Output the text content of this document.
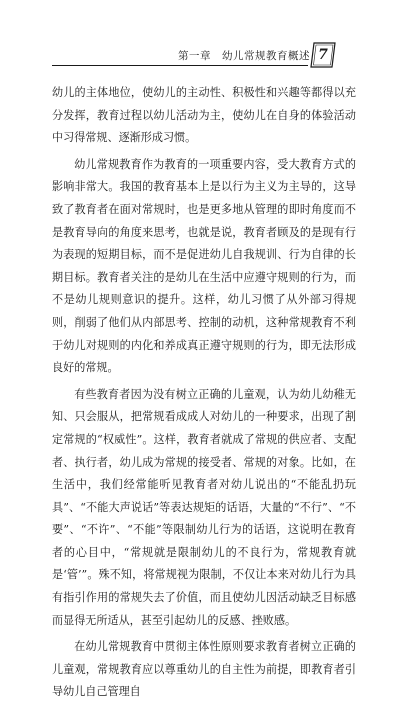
第一章　幼儿常规教育概述 7

幼儿的主体地位，使幼儿的主动性、积极性和兴趣等都得以充分发挥，教育过程以幼儿活动为主，使幼儿在自身的体验活动中习得常规、逐渐形成习惯。

幼儿常规教育作为教育的一项重要内容，受大教育方式的影响非常大。我国的教育基本上是以行为主义为主导的，这导致了教育者在面对常规时，也是更多地从管理的即时角度而不是教育导向的角度来思考，也就是说，教育者顾及的是现有行为表现的短期目标，而不是促进幼儿自我规训、行为自律的长期目标。教育者关注的是幼儿在生活中应遵守规则的行为，而不是幼儿规则意识的提升。这样，幼儿习惯了从外部习得规则，削弱了他们从内部思考、控制的动机，这种常规教育不利于幼儿对规则的内化和养成真正遵守规则的行为，即无法形成良好的常规。

有些教育者因为没有树立正确的儿童观，认为幼儿幼稚无知、只会服从，把常规看成成人对幼儿的一种要求，出现了割定常规的“权威性”。这样，教育者就成了常规的供应者、支配者、执行者，幼儿成为常规的接受者、常规的对象。比如，在生活中，我们经常能听见教育者对幼儿说出的“不能乱扔玩具”、“不能大声说话”等表达规矩的话语，大量的“不行”、“不要”、“不许”、“不能”等限制幼儿行为的话语，这说明在教育者的心目中，“常规就是限制幼儿的不良行为，常规教育就是‘管’”。殊不知，将常规视为限制，不仅让本来对幼儿行为具有指引作用的常规失去了价值，而且使幼儿因活动缺乏目标感而显得无所适从，甚至引起幼儿的反感、挫败感。

在幼儿常规教育中贯彻主体性原则要求教育者树立正确的儿童观，常规教育应以尊重幼儿的自主性为前提，即教育者引导幼儿自己管理自
